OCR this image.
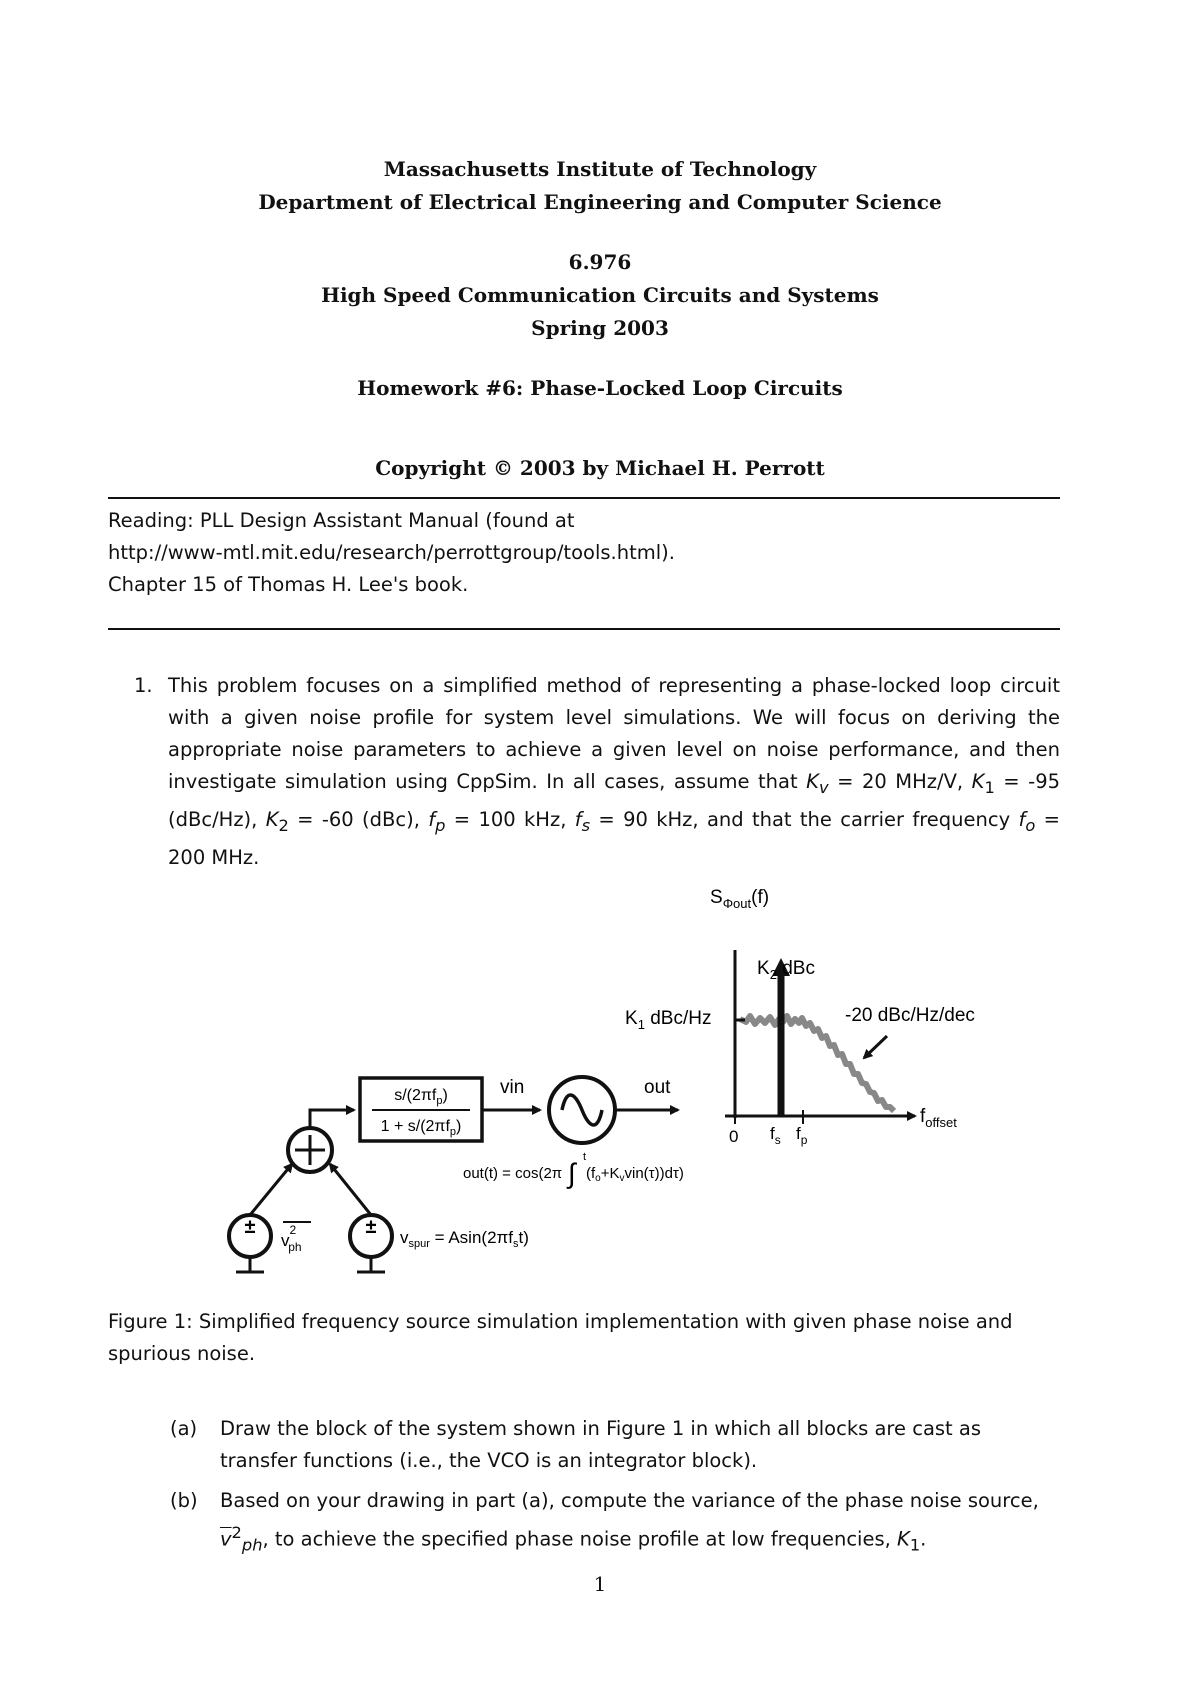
Massachusetts Institute of Technology
Department of Electrical Engineering and Computer Science
6.976
High Speed Communication Circuits and Systems
Spring 2003
Homework #6: Phase-Locked Loop Circuits
Copyright © 2003 by Michael H. Perrott
Reading: PLL Design Assistant Manual (found at
http://www-mtl.mit.edu/research/perrottgroup/tools.html).
Chapter 15 of Thomas H. Lee's book.
1. This problem focuses on a simplified method of representing a phase-locked loop circuit with a given noise profile for system level simulations. We will focus on deriving the appropriate noise parameters to achieve a given level on noise performance, and then investigate simulation using CppSim. In all cases, assume that $K_v = 20$ MHz/V, $K_1 = -95$ (dBc/Hz), $K_2 = -60$ (dBc), $f_p = 100$ kHz, $f_s = 90$ kHz, and that the carrier frequency $f_o = 200$ MHz.
$s/(2\pi f_p)$
$1 + s/(2\pi f_p)$
vin	out
out(t) = cos(2π
t
∫ $(f_o+K_vvin(\tau))d\tau$)
±
$v^2$ ph
± $v_{spur} = Asin(2\pi f_st)$
$S_{\Phi out}(f)$
$K_2$ dBc
$K_1$ dBc/Hz	-20 dBc/Hz/dec
$f_{offset}$
0 $f_s$ $f_p$
Figure 1: Simplified frequency source simulation implementation with given phase noise and spurious noise.
(a) Draw the block of the system shown in Figure 1 in which all blocks are cast as transfer functions (i.e., the VCO is an integrator block).
(b) Based on your drawing in part (a), compute the variance of the phase noise source, $\overline{v}^2_{ph}$, to achieve the specified phase noise profile at low frequencies, $K_1$.
1
